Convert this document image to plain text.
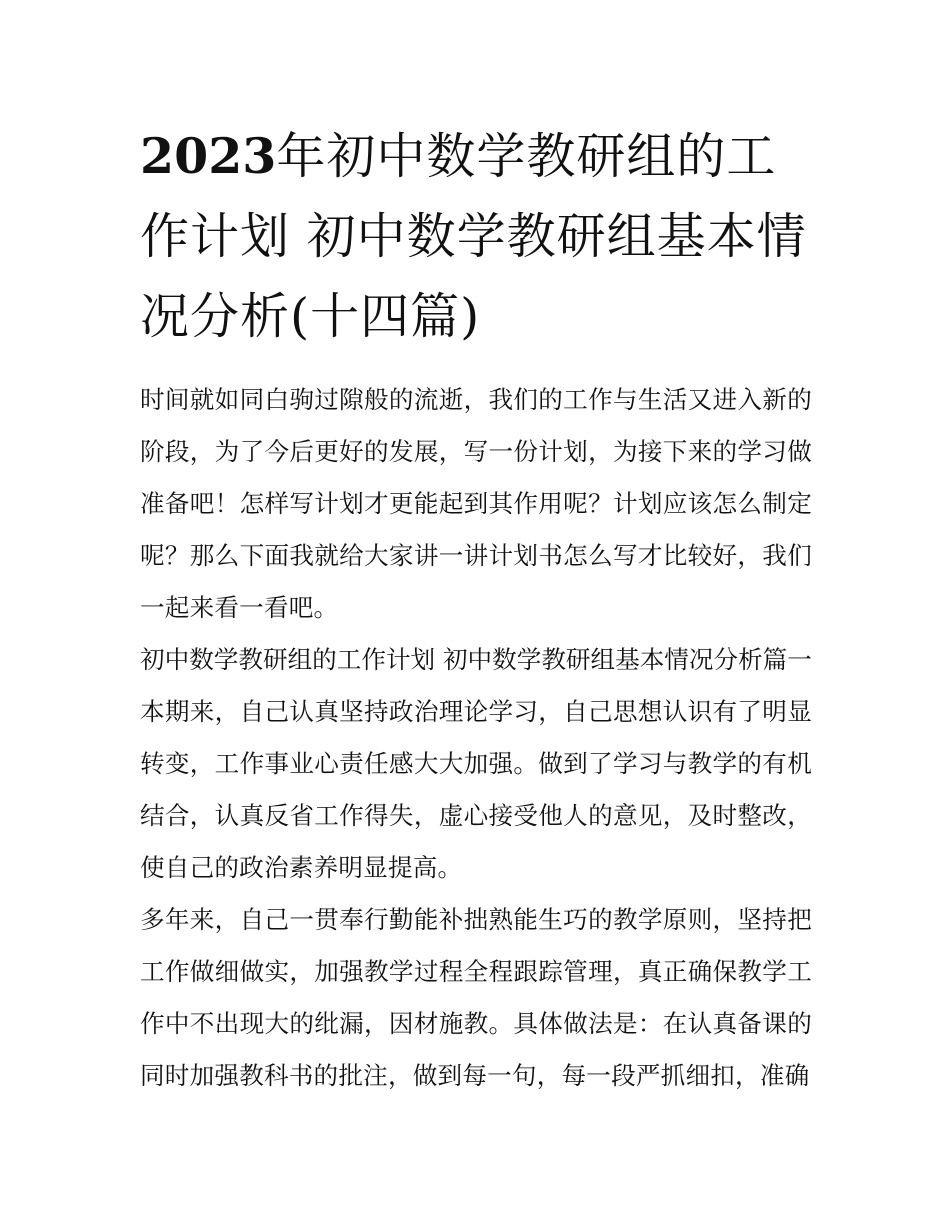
2023年初中数学教研组的工作计划 初中数学教研组基本情况分析(十四篇)

时间就如同白驹过隙般的流逝，我们的工作与生活又进入新的阶段，为了今后更好的发展，写一份计划，为接下来的学习做准备吧！怎样写计划才更能起到其作用呢？计划应该怎么制定呢？那么下面我就给大家讲一讲计划书怎么写才比较好，我们一起来看一看吧。

初中数学教研组的工作计划 初中数学教研组基本情况分析篇一

本期来，自己认真坚持政治理论学习，自己思想认识有了明显转变，工作事业心责任感大大加强。做到了学习与教学的有机结合，认真反省工作得失，虚心接受他人的意见，及时整改，使自己的政治素养明显提高。

多年来，自己一贯奉行勤能补拙熟能生巧的教学原则，坚持把工作做细做实，加强教学过程全程跟踪管理，真正确保教学工作中不出现大的纰漏，因材施教。具体做法是：在认真备课的同时加强教科书的批注，做到每一句，每一段严抓细扣，准确
